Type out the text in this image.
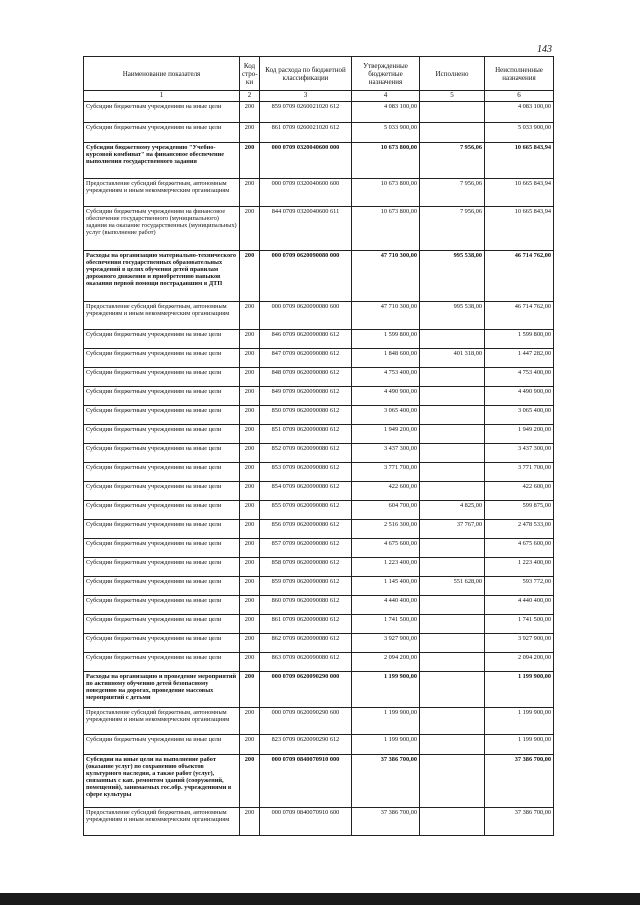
143
Наименование показателя	Код стро-ки	Код расхода по бюджетной классификации	Утвержденные бюджетные назначения	Исполнено	Неисполненные назначения
1	2	3	4	5	6
Субсидии бюджетным учреждениям на иные цели	200	859 0709 0260021020 612	4 083 100,00		4 083 100,00
Субсидии бюджетным учреждениям на иные цели	200	861 0709 0260021020 612	5 033 900,00		5 033 900,00
Субсидии бюджетному учреждению "Учебно-курсовой комбинат" на финансовое обеспечение выполнения государственного задания	200	000 0709 0320040600 000	10 673 800,00	7 956,06	10 665 843,94
Предоставление субсидий бюджетным, автономным учреждениям и иным некоммерческим организациям	200	000 0709 0320040600 600	10 673 800,00	7 956,06	10 665 843,94
Субсидии бюджетным учреждениям на финансовое обеспечение государственного (муниципального) задания на оказание государственных (муниципальных) услуг (выполнение работ)	200	844 0709 0320040600 611	10 673 800,00	7 956,06	10 665 843,94
Расходы на организацию материально-технического обеспечения государственных образовательных учреждений в целях обучения детей правилам дорожного движения и приобретению навыков оказания первой помощи пострадавшим в ДТП	200	000 0709 0620090080 000	47 710 300,00	995 538,00	46 714 762,00
Предоставление субсидий бюджетным, автономным учреждениям и иным некоммерческим организациям	200	000 0709 0620090080 600	47 710 300,00	995 538,00	46 714 762,00
Субсидии бюджетным учреждениям на иные цели	200	846 0709 0620090080 612	1 599 800,00		1 599 800,00
Субсидии бюджетным учреждениям на иные цели	200	847 0709 0620090080 612	1 848 600,00	401 318,00	1 447 282,00
Субсидии бюджетным учреждениям на иные цели	200	848 0709 0620090080 612	4 753 400,00		4 753 400,00
Субсидии бюджетным учреждениям на иные цели	200	849 0709 0620090080 612	4 490 900,00		4 490 900,00
Субсидии бюджетным учреждениям на иные цели	200	850 0709 0620090080 612	3 065 400,00		3 065 400,00
Субсидии бюджетным учреждениям на иные цели	200	851 0709 0620090080 612	1 949 200,00		1 949 200,00
Субсидии бюджетным учреждениям на иные цели	200	852 0709 0620090080 612	3 437 300,00		3 437 300,00
Субсидии бюджетным учреждениям на иные цели	200	853 0709 0620090080 612	3 771 700,00		3 771 700,00
Субсидии бюджетным учреждениям на иные цели	200	854 0709 0620090080 612	422 600,00		422 600,00
Субсидии бюджетным учреждениям на иные цели	200	855 0709 0620090080 612	604 700,00	4 825,00	599 875,00
Субсидии бюджетным учреждениям на иные цели	200	856 0709 0620090080 612	2 516 300,00	37 767,00	2 478 533,00
Субсидии бюджетным учреждениям на иные цели	200	857 0709 0620090080 612	4 675 600,00		4 675 600,00
Субсидии бюджетным учреждениям на иные цели	200	858 0709 0620090080 612	1 223 400,00		1 223 400,00
Субсидии бюджетным учреждениям на иные цели	200	859 0709 0620090080 612	1 145 400,00	551 628,00	593 772,00
Субсидии бюджетным учреждениям на иные цели	200	860 0709 0620090080 612	4 440 400,00		4 440 400,00
Субсидии бюджетным учреждениям на иные цели	200	861 0709 0620090080 612	1 741 500,00		1 741 500,00
Субсидии бюджетным учреждениям на иные цели	200	862 0709 0620090080 612	3 927 900,00		3 927 900,00
Субсидии бюджетным учреждениям на иные цели	200	863 0709 0620090080 612	2 094 200,00		2 094 200,00
Расходы на организацию и проведение мероприятий по активному обучению детей безопасному поведению на дорогах, проведение массовых мероприятий с детьми	200	000 0709 0620090290 000	1 199 900,00		1 199 900,00
Предоставление субсидий бюджетным, автономным учреждениям и иным некоммерческим организациям	200	000 0709 0620090290 600	1 199 900,00		1 199 900,00
Субсидии бюджетным учреждениям на иные цели	200	823 0709 0620090290 612	1 199 900,00		1 199 900,00
Субсидии на иные цели на выполнение работ (оказание услуг) по сохранению объектов культурного наследия, а также работ (услуг), связанных с кап. ремонтом зданий (сооружений, помещений), занимаемых гос.обр. учреждениями в сфере культуры	200	000 0709 0840070910 000	37 386 700,00		37 386 700,00
Предоставление субсидий бюджетным, автономным учреждениям и иным некоммерческим организациям	200	000 0709 0840070910 600	37 386 700,00		37 386 700,00
